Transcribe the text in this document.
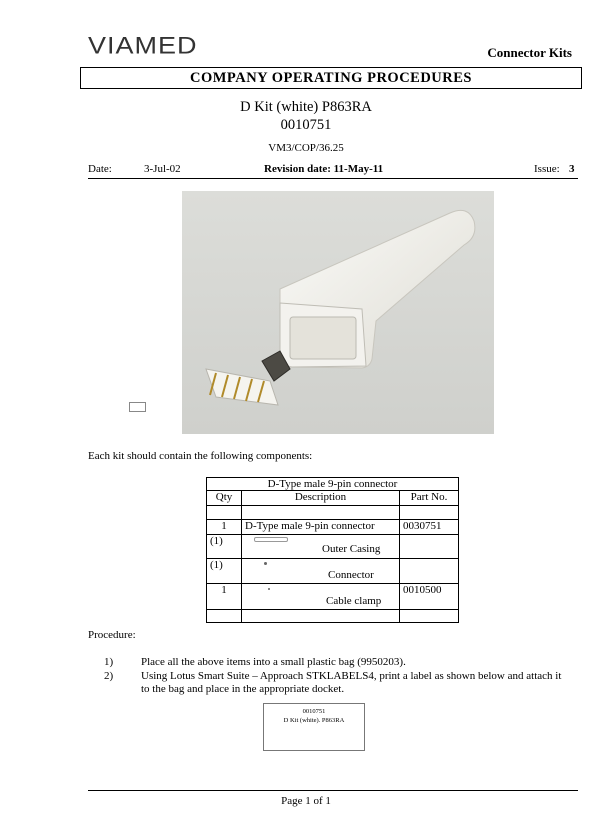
VIAMED	Connector Kits
COMPANY OPERATING PROCEDURES
D Kit (white) P863RA
0010751
VM3/COP/36.25
Date:	3-Jul-02	Revision date: 11-May-11	Issue: 3
Each kit should contain the following components:
D-Type male 9-pin connector		
Qty	Description	Part No.

1	D-Type male 9-pin connector	0030751
(1)	Outer Casing	

(1)	Connector	

1	Cable clamp	0010500

Procedure:
1)	Place all the above items into a small plastic bag (9950203).
2)	Using Lotus Smart Suite – Approach STKLABELS4, print a label as shown below and attach it to the bag and place in the appropriate docket.
0010751
D Kit (white). P863RA
Page 1 of 1
